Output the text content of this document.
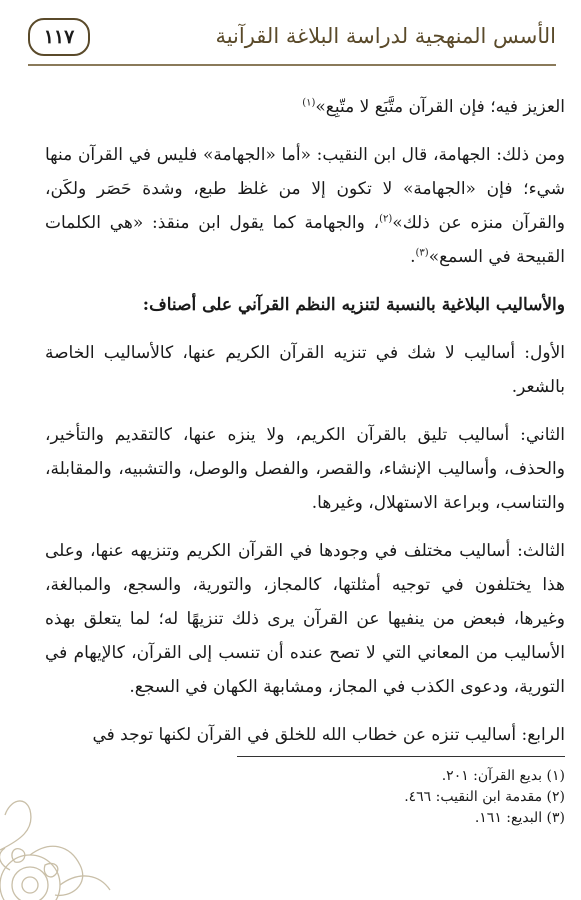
١١٧	الأسس المنهجية لدراسة البلاغة القرآنية

العزيز فيه؛ فإن القرآن متَّبَع لا متّبِع»$^{(١)}$

ومن ذلك: الجهامة، قال ابن النقيب: «أما «الجهامة» فليس في القرآن منها شيء؛ فإن «الجهامة» لا تكون إلا من غلظ طبع، وشدة حَصَر ولكَن، والقرآن منزه عن ذلك»$^{(٢)}$، والجهامة كما يقول ابن منقذ: «هي الكلمات القبيحة في السمع»$^{(٣)}$.

والأساليب البلاغية بالنسبة لتنزيه النظم القرآني على أصناف:

الأول: أساليب لا شك في تنزيه القرآن الكريم عنها، كالأساليب الخاصة بالشعر.

الثاني: أساليب تليق بالقرآن الكريم، ولا ينزه عنها، كالتقديم والتأخير، والحذف، وأساليب الإنشاء، والقصر، والفصل والوصل، والتشبيه، والمقابلة، والتناسب، وبراعة الاستهلال، وغيرها.

الثالث: أساليب مختلف في وجودها في القرآن الكريم وتنزيهه عنها، وعلى هذا يختلفون في توجيه أمثلتها، كالمجاز، والتورية، والسجع، والمبالغة، وغيرها، فبعض من ينفيها عن القرآن يرى ذلك تنزيهًا له؛ لما يتعلق بهذه الأساليب من المعاني التي لا تصح عنده أن تنسب إلى القرآن، كالإيهام في التورية، ودعوى الكذب في المجاز، ومشابهة الكهان في السجع.

الرابع: أساليب تنزه عن خطاب الله للخلق في القرآن لكنها توجد في

(١) بديع القرآن: ٢٠١.

(٢) مقدمة ابن النقيب: ٤٦٦.

(٣) البديع: ١٦١.
